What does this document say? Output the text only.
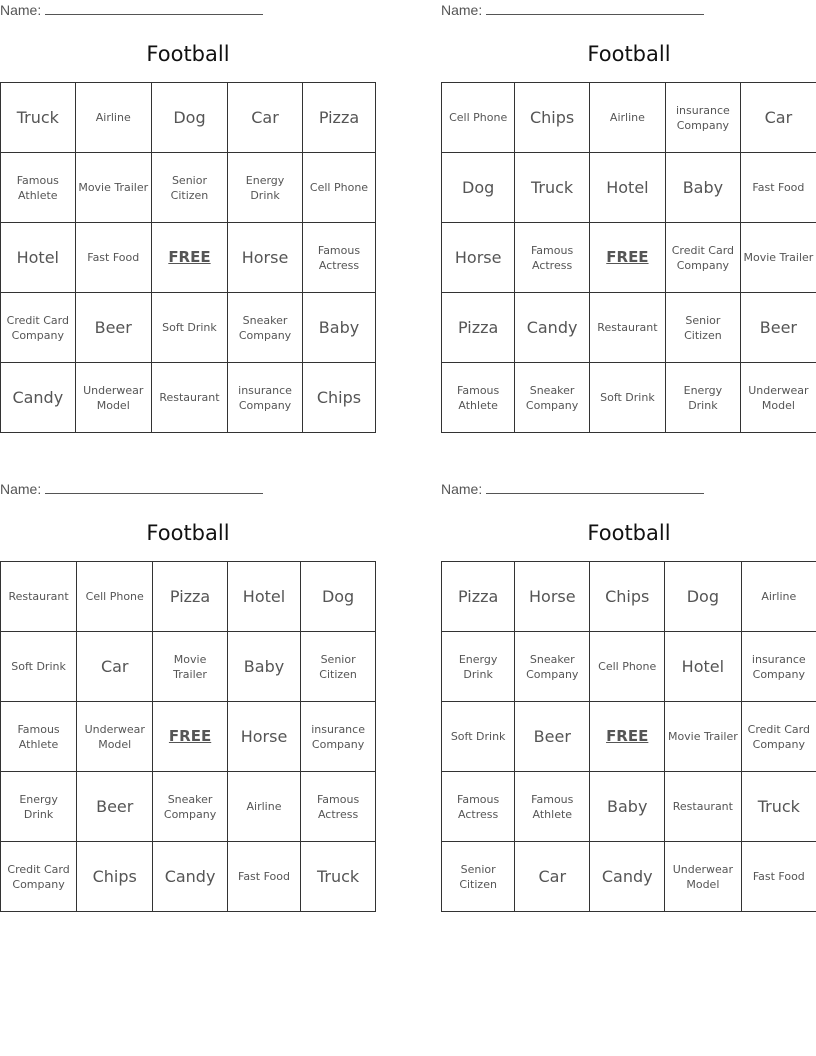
Name:
Football
Truck	Airline	Dog	Car	Pizza
Famous Athlete	Movie Trailer	Senior Citizen	Energy Drink	Cell Phone
Hotel	Fast Food	FREE	Horse	Famous Actress
Credit Card Company	Beer	Soft Drink	Sneaker Company	Baby
Candy	Underwear Model	Restaurant	insurance Company	Chips
Name:
Football
Cell Phone	Chips	Airline	insurance Company	Car
Dog	Truck	Hotel	Baby	Fast Food
Horse	Famous Actress	FREE	Credit Card Company	Movie Trailer
Pizza	Candy	Restaurant	Senior Citizen	Beer
Famous Athlete	Sneaker Company	Soft Drink	Energy Drink	Underwear Model
Name:
Football
Restaurant	Cell Phone	Pizza	Hotel	Dog
Soft Drink	Car	Movie Trailer	Baby	Senior Citizen
Famous Athlete	Underwear Model	FREE	Horse	insurance Company
Energy Drink	Beer	Sneaker Company	Airline	Famous Actress
Credit Card Company	Chips	Candy	Fast Food	Truck
Name:
Football
Pizza	Horse	Chips	Dog	Airline
Energy Drink	Sneaker Company	Cell Phone	Hotel	insurance Company
Soft Drink	Beer	FREE	Movie Trailer	Credit Card Company
Famous Actress	Famous Athlete	Baby	Restaurant	Truck
Senior Citizen	Car	Candy	Underwear Model	Fast Food
